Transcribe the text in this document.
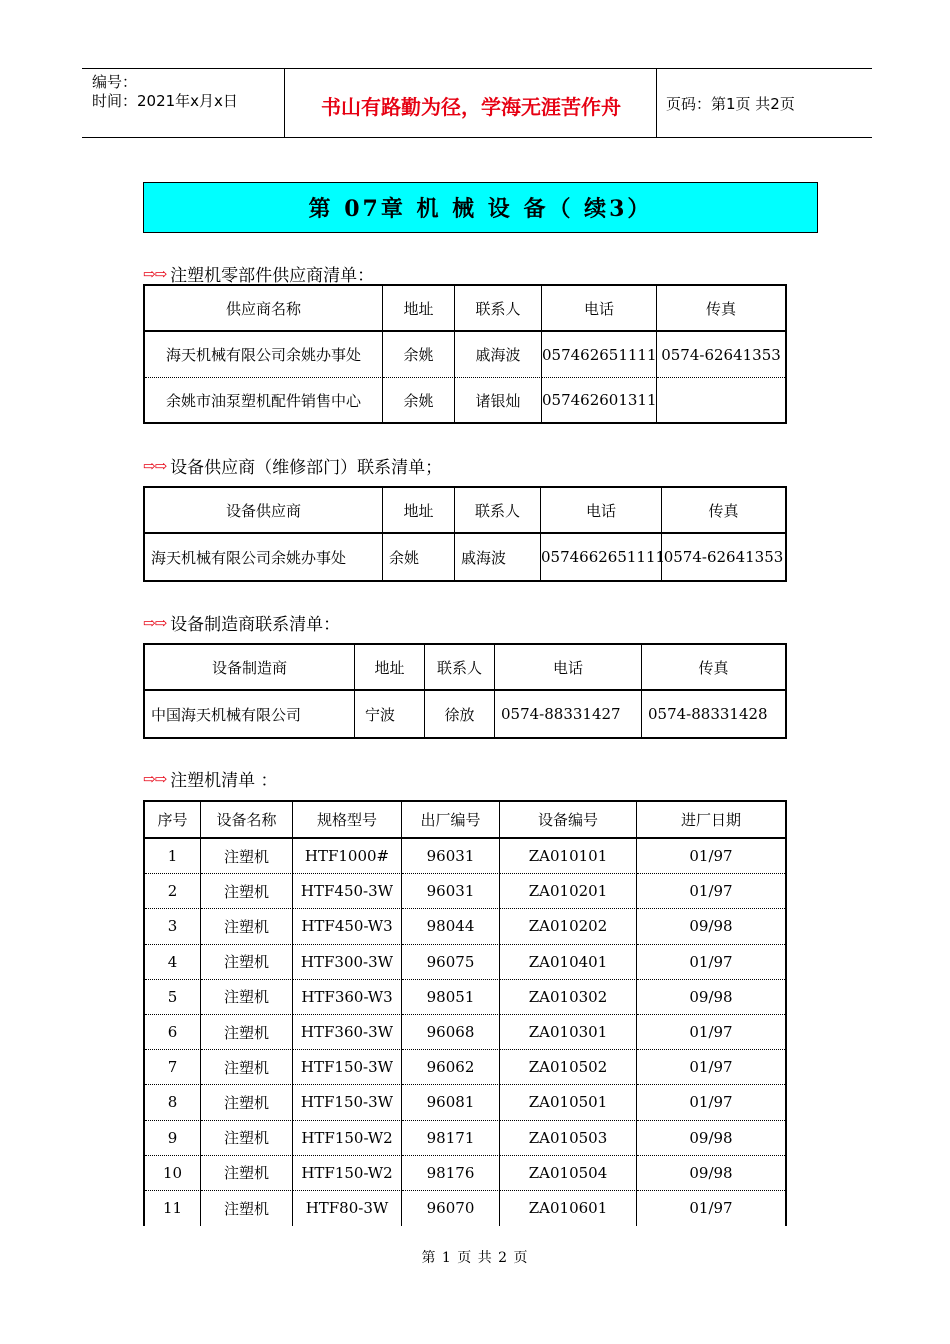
编号：
时间：2021年x月x日	书山有路勤为径，学海无涯苦作舟	页码：第1页 共2页
第 07章 机 械 设 备（ 续3）
⇨⇨ 注塑机零部件供应商清单：
供应商名称	地址	联系人	电话	传真
海天机械有限公司余姚办事处	余姚	戚海波	057462651111	0574-62641353
余姚市油泵塑机配件销售中心	余姚	诸银灿	057462601311	
⇨⇨ 设备供应商（维修部门）联系清单；
设备供应商	地址	联系人	电话	传真
海天机械有限公司余姚办事处	余姚	戚海波	0574662651111	0574-62641353
⇨⇨ 设备制造商联系清单：
设备制造商	地址	联系人	电话	传真
中国海天机械有限公司	宁波	徐放	0574-88331427	0574-88331428
⇨⇨ 注塑机清单 ：
序号	设备名称	规格型号	出厂编号	设备编号	进厂日期
1	注塑机	HTF1000#	96031	ZA010101	01/97
2	注塑机	HTF450-3W	96031	ZA010201	01/97
3	注塑机	HTF450-W3	98044	ZA010202	09/98
4	注塑机	HTF300-3W	96075	ZA010401	01/97
5	注塑机	HTF360-W3	98051	ZA010302	09/98
6	注塑机	HTF360-3W	96068	ZA010301	01/97
7	注塑机	HTF150-3W	96062	ZA010502	01/97
8	注塑机	HTF150-3W	96081	ZA010501	01/97
9	注塑机	HTF150-W2	98171	ZA010503	09/98
10	注塑机	HTF150-W2	98176	ZA010504	09/98
11	注塑机	HTF80-3W	96070	ZA010601	01/97
第 1 页 共 2 页
